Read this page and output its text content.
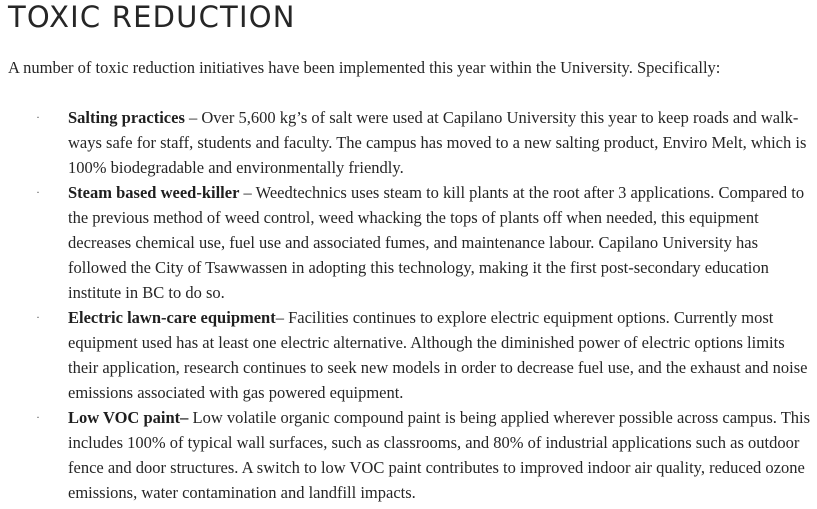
TOXIC REDUCTION

A number of toxic reduction initiatives have been implemented this year within the University. Specifically:

· Salting practices – Over 5,600 kg’s of salt were used at Capilano University this year to keep roads and walk-ways safe for staff, students and faculty. The campus has moved to a new salting product, Enviro Melt, which is 100% biodegradable and environmentally friendly.
· Steam based weed-killer – Weedtechnics uses steam to kill plants at the root after 3 applications. Compared to the previous method of weed control, weed whacking the tops of plants off when needed, this equipment decreases chemical use, fuel use and associated fumes, and maintenance labour. Capilano University has followed the City of Tsawwassen in adopting this technology, making it the first post-secondary education institute in BC to do so.
· Electric lawn-care equipment– Facilities continues to explore electric equipment options. Currently most equipment used has at least one electric alternative. Although the diminished power of electric options limits their application, research continues to seek new models in order to decrease fuel use, and the exhaust and noise emissions associated with gas powered equipment.
· Low VOC paint– Low volatile organic compound paint is being applied wherever possible across campus. This includes 100% of typical wall surfaces, such as classrooms, and 80% of industrial applications such as outdoor fence and door structures. A switch to low VOC paint contributes to improved indoor air quality, reduced ozone emissions, water contamination and landfill impacts.
